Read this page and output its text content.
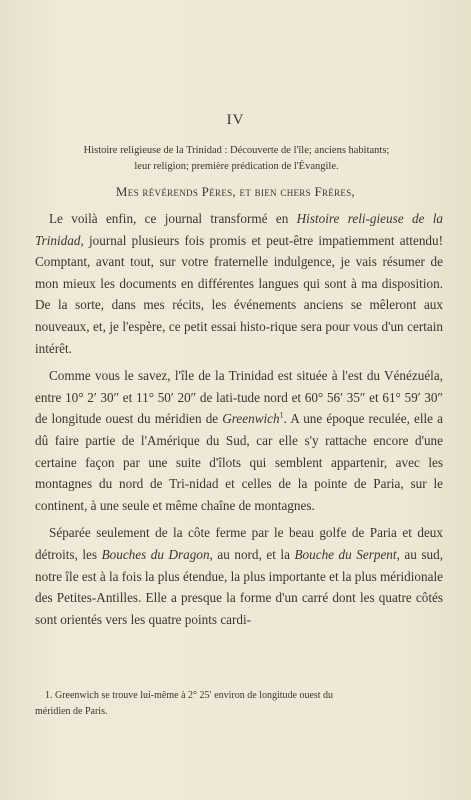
IV
Histoire religieuse de la Trinidad : Découverte de l'île; anciens habitants;
leur religion; première prédication de l'Évangile.
Mes révérends Pères, et bien chers Frères,

Le voilà enfin, ce journal transformé en Histoire reli-gieuse de la Trinidad, journal plusieurs fois promis et peut-être impatiemment attendu! Comptant, avant tout, sur votre fraternelle indulgence, je vais résumer de mon mieux les documents en différentes langues qui sont à ma disposition. De la sorte, dans mes récits, les événements anciens se mêleront aux nouveaux, et, je l'espère, ce petit essai histo-rique sera pour vous d'un certain intérêt.

Comme vous le savez, l'île de la Trinidad est située à l'est du Vénézuéla, entre 10° 2′ 30″ et 11° 50′ 20″ de lati-tude nord et 60° 56′ 35″ et 61° 59′ 30″ de longitude ouest du méridien de Greenwich$^1$. A une époque reculée, elle a dû faire partie de l'Amérique du Sud, car elle s'y rattache encore d'une certaine façon par une suite d'îlots qui semblent appartenir, avec les montagnes du nord de Tri-nidad et celles de la pointe de Paria, sur le continent, à une seule et même chaîne de montagnes.

Séparée seulement de la côte ferme par le beau golfe de Paria et deux détroits, les Bouches du Dragon, au nord, et la Bouche du Serpent, au sud, notre île est à la fois la plus étendue, la plus importante et la plus méridionale des Petites-Antilles. Elle a presque la forme d'un carré dont les quatre côtés sont orientés vers les quatre points cardi-

1. Greenwich se trouve lui-même à 2° 25′ environ de longitude ouest du
méridien de Paris.
